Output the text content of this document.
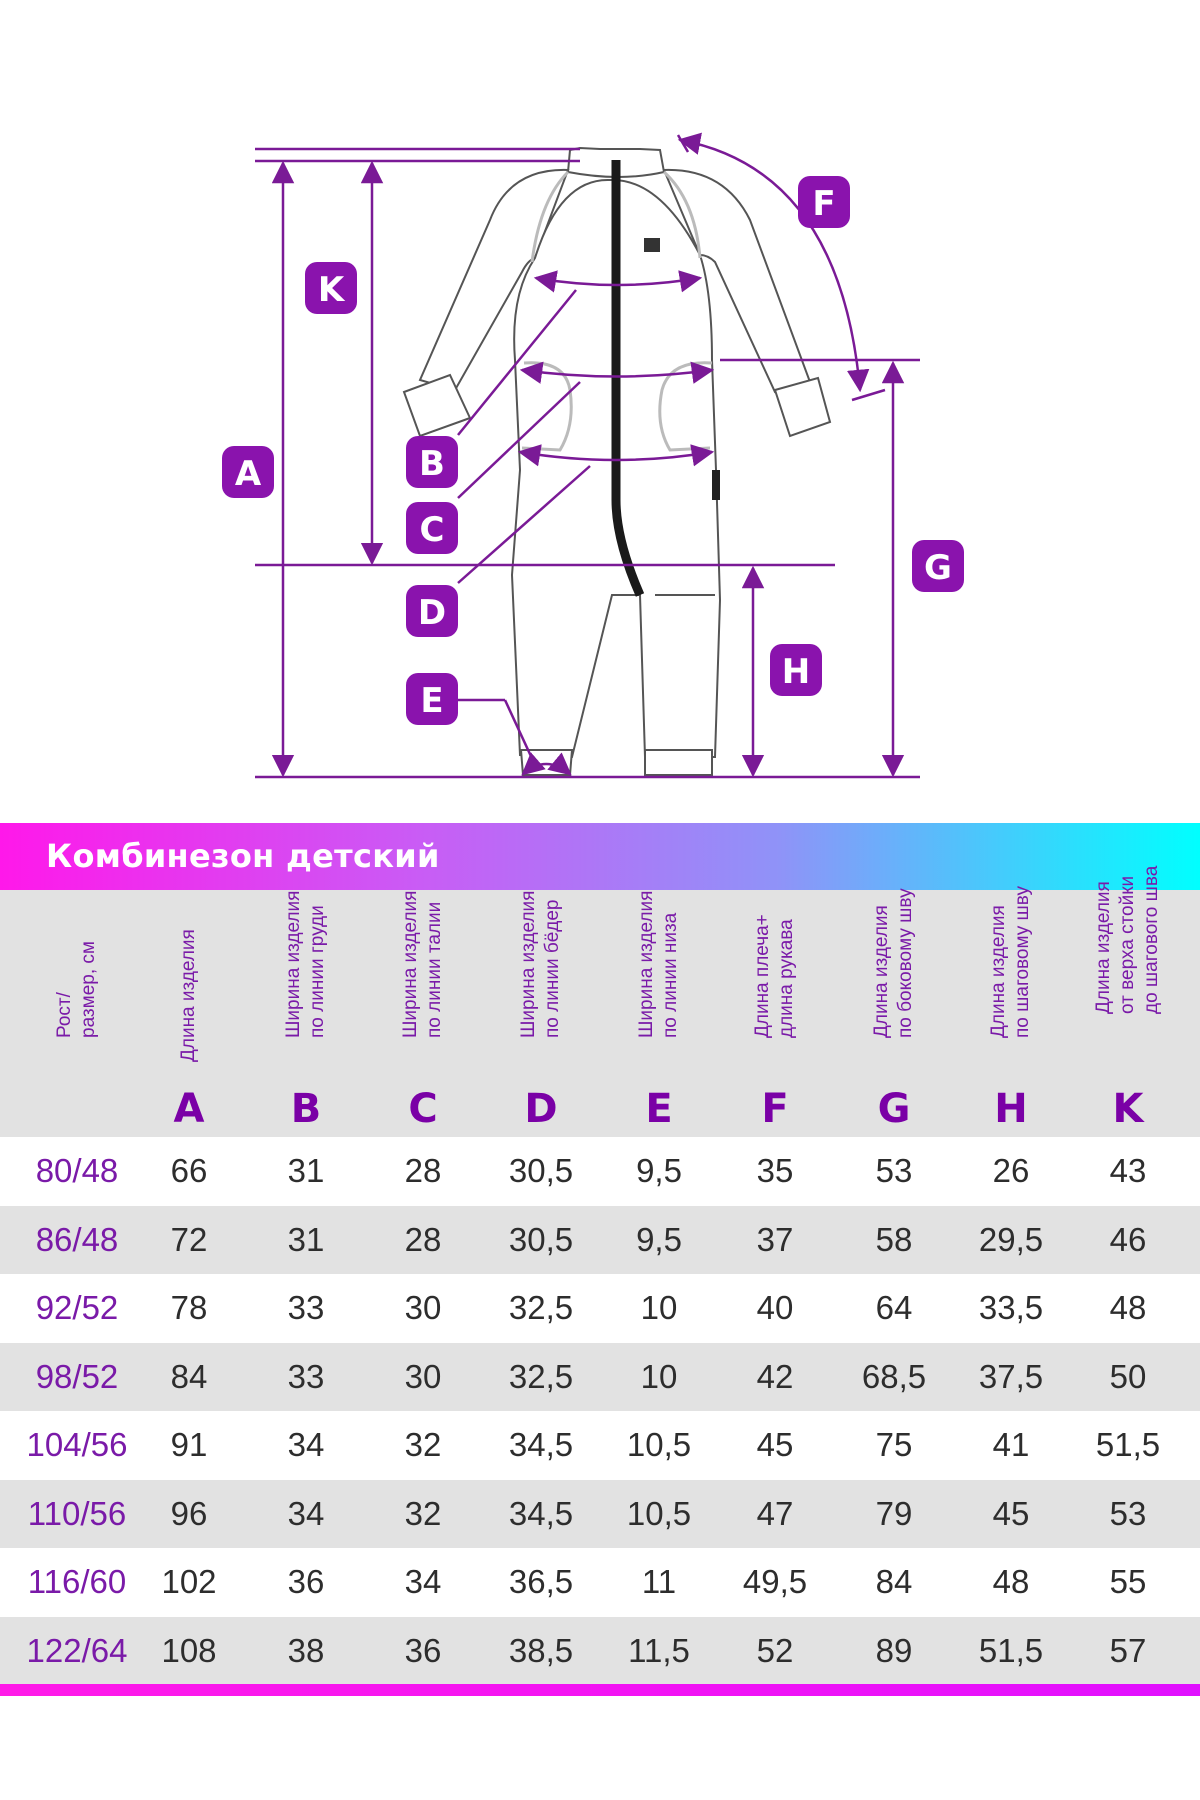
K
F
A	B
C
D
E
G
H
Комбинезон детский
Рост/ размер, см	Длина изделия
A
Ширина изделия по линии груди
B
Ширина изделия по линии талии
C
Ширина изделия по линии бёдер
D
Ширина изделия по линии низа
E
Длина плеча+ длина рукава
F
Длина изделия по боковому шву
G
Длина изделия по шаговому шву
H
Длина изделия от верха стойки до шагового шва
K
80/48	66	31	28	30,5	9,5	35	53	26	43
86/48	72	31	28	30,5	9,5	37	58	29,5	46
92/52	78	33	30	32,5	10	40	64	33,5	48
98/52	84	33	30	32,5	10	42	68,5	37,5	50
104/56	91	34	32	34,5	10,5	45	75	41	51,5
110/56	96	34	32	34,5	10,5	47	79	45	53
116/60	102	36	34	36,5	11	49,5	84	48	55
122/64	108	38	36	38,5	11,5	52	89	51,5	57
